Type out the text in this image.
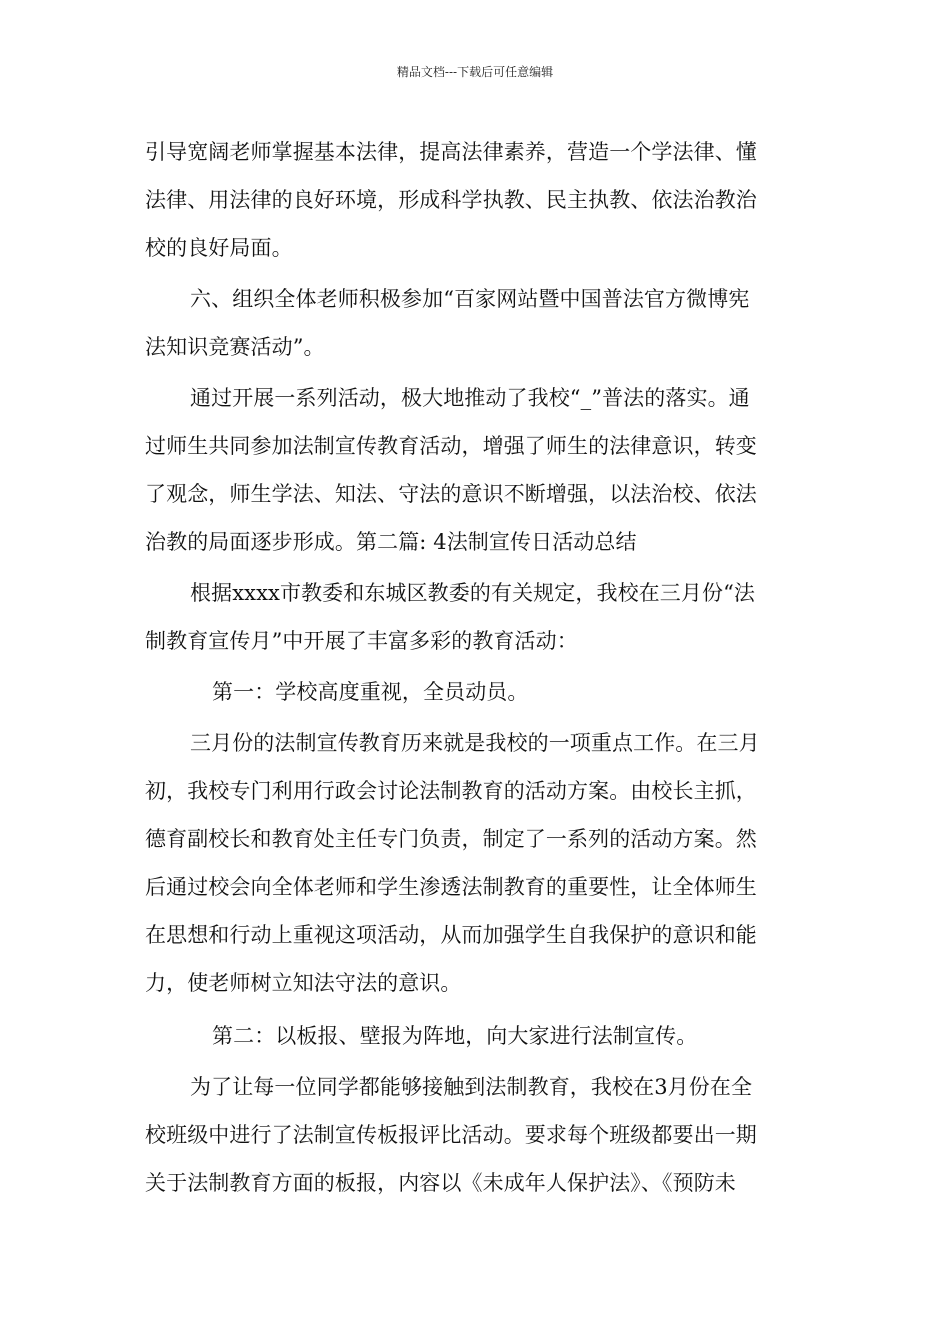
精品文档---下载后可任意编辑
引导宽阔老师掌握基本法律，提高法律素养，营造一个学法律、懂
法律、用法律的良好环境，形成科学执教、民主执教、依法治教治
校的良好局面。
六、组织全体老师积极参加“百家网站暨中国普法官方微博宪
法知识竞赛活动”。
通过开展一系列活动，极大地推动了我校“_”普法的落实。通
过师生共同参加法制宣传教育活动，增强了师生的法律意识，转变
了观念，师生学法、知法、守法的意识不断增强，以法治校、依法
治教的局面逐步形成。第二篇: 4法制宣传日活动总结
根据xxxx市教委和东城区教委的有关规定，我校在三月份“法
制教育宣传月”中开展了丰富多彩的教育活动：
第一：学校高度重视，全员动员。
三月份的法制宣传教育历来就是我校的一项重点工作。在三月
初，我校专门利用行政会讨论法制教育的活动方案。由校长主抓，
德育副校长和教育处主任专门负责，制定了一系列的活动方案。然
后通过校会向全体老师和学生渗透法制教育的重要性，让全体师生
在思想和行动上重视这项活动，从而加强学生自我保护的意识和能
力，使老师树立知法守法的意识。
第二：以板报、壁报为阵地，向大家进行法制宣传。
为了让每一位同学都能够接触到法制教育，我校在3月份在全
校班级中进行了法制宣传板报评比活动。要求每个班级都要出一期
关于法制教育方面的板报，内容以《未成年人保护法》、《预防未
